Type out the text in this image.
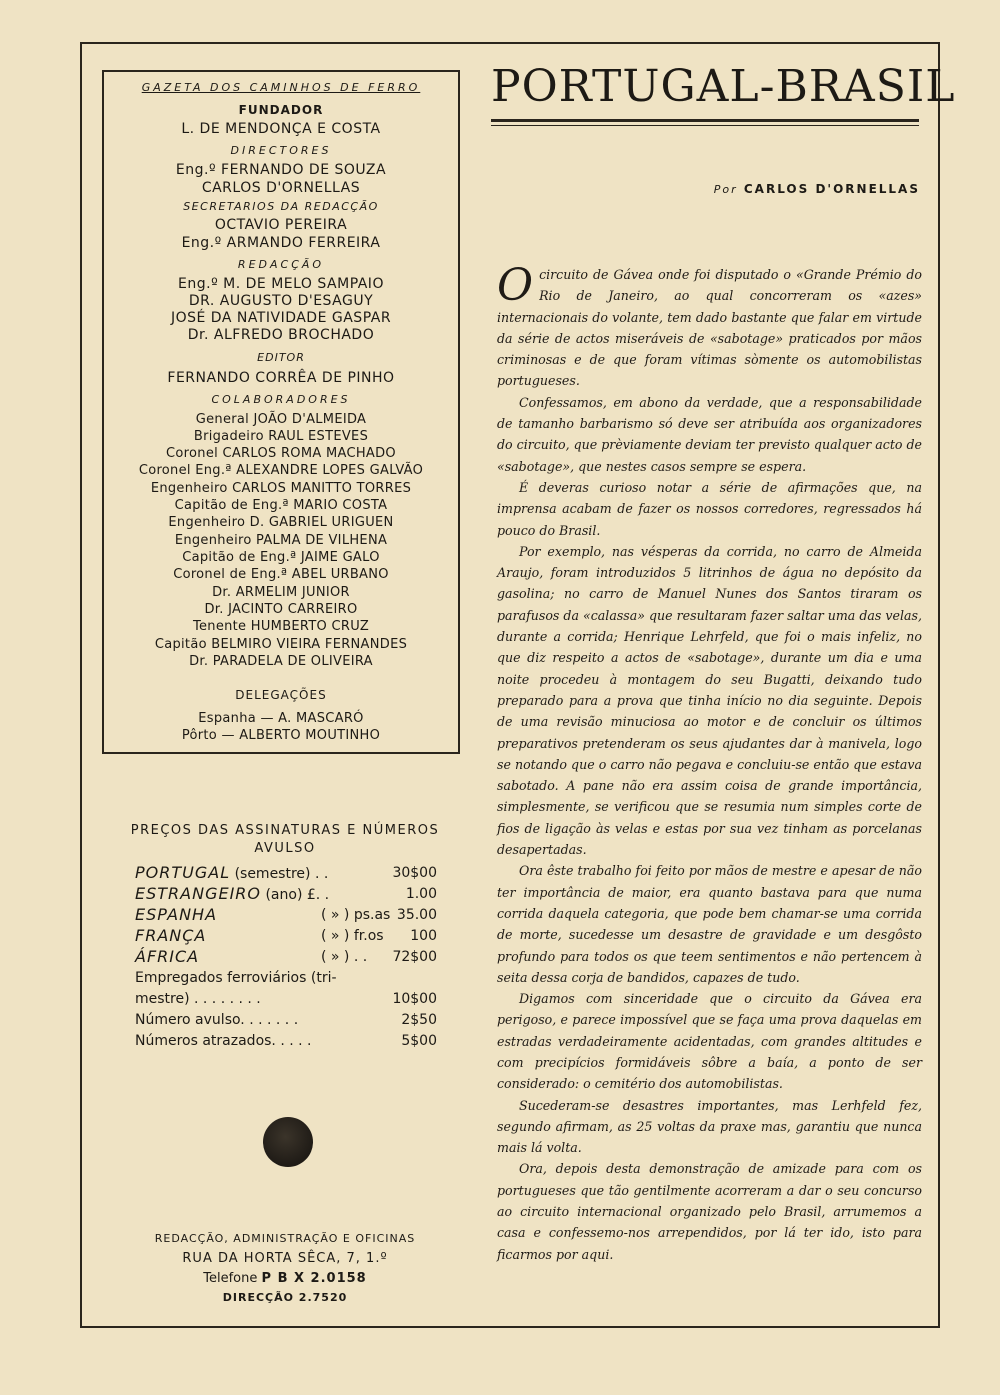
GAZETA DOS CAMINHOS DE FERRO
FUNDADOR
L. DE MENDONÇA E COSTA
DIRECTORES
Eng.º FERNANDO DE SOUZA
CARLOS D'ORNELLAS
SECRETARIOS DA REDACÇÃO
OCTAVIO PEREIRA
Eng.º ARMANDO FERREIRA
REDACÇÃO
Eng.º M. DE MELO SAMPAIO
DR. AUGUSTO D'ESAGUY
JOSÉ DA NATIVIDADE GASPAR
Dr. ALFREDO BROCHADO
EDITOR
FERNANDO CORRÊA DE PINHO
COLABORADORES
General JOÃO D'ALMEIDA
Brigadeiro RAUL ESTEVES
Coronel CARLOS ROMA MACHADO
Coronel Eng.ª ALEXANDRE LOPES GALVÃO
Engenheiro CARLOS MANITTO TORRES
Capitão de Eng.ª MARIO COSTA
Engenheiro D. GABRIEL URIGUEN
Engenheiro PALMA DE VILHENA
Capitão de Eng.ª JAIME GALO
Coronel de Eng.ª ABEL URBANO
Dr. ARMELIM JUNIOR
Dr. JACINTO CARREIRO
Tenente HUMBERTO CRUZ
Capitão BELMIRO VIEIRA FERNANDES
Dr. PARADELA DE OLIVEIRA
DELEGAÇÕES
Espanha — A. MASCARÓ
Pôrto — ALBERTO MOUTINHO
PREÇOS DAS ASSINATURAS E NÚMEROS AVULSO
PORTUGAL (semestre) . .	30$00
ESTRANGEIRO (ano) £. .	1.00
ESPANHA	( » ) ps.as 35.00
FRANÇA	( » ) fr.os 100
ÁFRICA	( » ) . . 72$00
Empregados ferroviários (tri-
mestre) . . . . . . . .	10$00
Número avulso. . . . . . .	2$50
Números atrazados. . . . .	5$00
REDACÇÃO, ADMINISTRAÇÃO E OFICINAS
RUA DA HORTA SÊCA, 7, 1.º
Telefone P B X 2.0158
DIRECÇÃO 2.7520
PORTUGAL-BRASIL
Por CARLOS D'ORNELLAS

Ocircuito de Gávea onde foi disputado o «Grande Prémio do Rio de Janeiro, ao qual concorreram os «azes» internacionais do volante, tem dado bastante que falar em virtude da série de actos miseráveis de «sabotage» praticados por mãos criminosas e de que foram vítimas sòmente os automobilistas portugueses.

Confessamos, em abono da verdade, que a responsabilidade de tamanho barbarismo só deve ser atribuída aos organizadores do circuito, que prèviamente deviam ter previsto qualquer acto de «sabotage», que nestes casos sempre se espera.

É deveras curioso notar a série de afirmações que, na imprensa acabam de fazer os nossos corredores, regressados há pouco do Brasil.

Por exemplo, nas vésperas da corrida, no carro de Almeida Araujo, foram introduzidos 5 litrinhos de água no depósito da gasolina; no carro de Manuel Nunes dos Santos tiraram os parafusos da «calassa» que resultaram fazer saltar uma das velas, durante a corrida; Henrique Lehrfeld, que foi o mais infeliz, no que diz respeito a actos de «sabotage», durante um dia e uma noite procedeu à montagem do seu Bugatti, deixando tudo preparado para a prova que tinha início no dia seguinte. Depois de uma revisão minuciosa ao motor e de concluir os últimos preparativos pretenderam os seus ajudantes dar à manivela, logo se notando que o carro não pegava e concluiu-se então que estava sabotado. A pane não era assim coisa de grande importância, simplesmente, se verificou que se resumia num simples corte de fios de ligação às velas e estas por sua vez tinham as porcelanas desapertadas.

Ora êste trabalho foi feito por mãos de mestre e apesar de não ter importância de maior, era quanto bastava para que numa corrida daquela categoria, que pode bem chamar-se uma corrida de morte, sucedesse um desastre de gravidade e um desgôsto profundo para todos os que teem sentimentos e não pertencem à seita dessa corja de bandidos, capazes de tudo.

Digamos com sinceridade que o circuito da Gávea era perigoso, e parece impossível que se faça uma prova daquelas em estradas verdadeiramente acidentadas, com grandes altitudes e com precipícios formidáveis sôbre a baía, a ponto de ser considerado: o cemitério dos automobilistas.

Sucederam-se desastres importantes, mas Lerhfeld fez, segundo afirmam, as 25 voltas da praxe mas, garantiu que nunca mais lá volta.

Ora, depois desta demonstração de amizade para com os portugueses que tão gentilmente acorreram a dar o seu concurso ao circuito internacional organizado pelo Brasil, arrumemos a casa e confessemo-nos arrependidos, por lá ter ido, isto para ficarmos por aqui.
